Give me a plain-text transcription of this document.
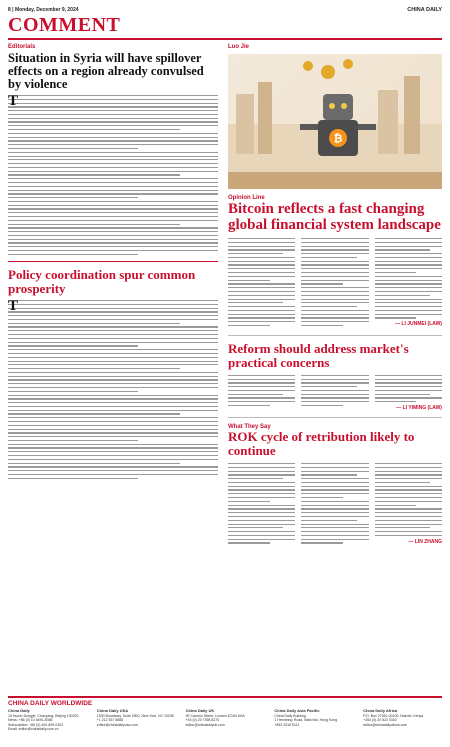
8 | Monday, December 9, 2024	CHINA DAILY
COMMENT
Editorials
Situation in Syria will have spillover effects on a region already convulsed by violence
T
Policy coordination spur common prosperity
T
Luo Jie
₿
Opinion Line
Bitcoin reflects a fast changing global financial system landscape
— LI JUNMEI (LAW)
Reform should address market's practical concerns
— LI YIMING (LAW)
What They Say
ROK cycle of retribution likely to continue
— LIN ZHANG
CHINA DAILY WORLDWIDE
China Daily
15 Huixin Dongjie, Chaoyang, Beijing 100029
News: +86 (0) 10 6491-8366
Subscription: +86 (0) 400-699-0203
Email: editor@chinadaily.com.cn
China Daily USA
1500 Broadway, Suite 2800, New York, NY 10036
+1 212 537 8888
editor@chinadailyusa.com
China Daily UK
90 Cannon Street, London EC4N 6HA
+44 (0) 20 7398 8270
editor@chinadailyuk.com
China Daily Asia Pacific
China Daily Building
1 Hennessy Road, Wanchai, Hong Kong
+852 2518 5111
China Daily Africa
P.O. Box 27281-00100, Nairobi, Kenya
+254 (0) 20 522 0302
editor@chinadailyafrica.com
